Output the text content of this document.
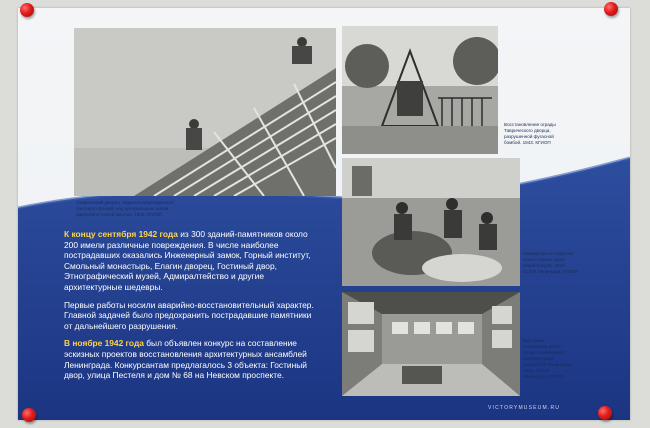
Таврический дворец. Заделка поврежденного
светового фонаря над центральным залом
фанерой и тонкой жестью. 1943. КГИОП
Восстановление ограды
Таврического дворца,
разрушенной фугасной
бомбой. 1943. КГИОП
Маркировка из укрытия
скульптурных групп
коней Клодта. 1944.
СССР, Ленинград. КГИОП
Выставка
конкурсных работ
по восстановлению
архитектурных
ансамблей Ленинграда
1943. СССР,
Ленинград. КГИОП

К концу сентября 1942 года из 300 зданий-памятников около 200 имели различные повреждения. В числе наиболее пострадавших оказались Инженерный замок, Горный институт, Смольный монастырь, Елагин дворец, Гостиный двор, Этнографический музей, Адмиралтейство и другие архитектурные шедевры.

Первые работы носили аварийно-восстановительный характер. Главной задачей было предохранить пострадавшие памятники от дальнейшего разрушения.

В ноябре 1942 года был объявлен конкурс на составление эскизных проектов восстановления архитектурных ансамблей Ленинграда. Конкурсантам предлагалось 3 объекта: Гостиный двор, улица Пестеля и дом № 68 на Невском проспекте.

VICTORYMUSEUM.RU
